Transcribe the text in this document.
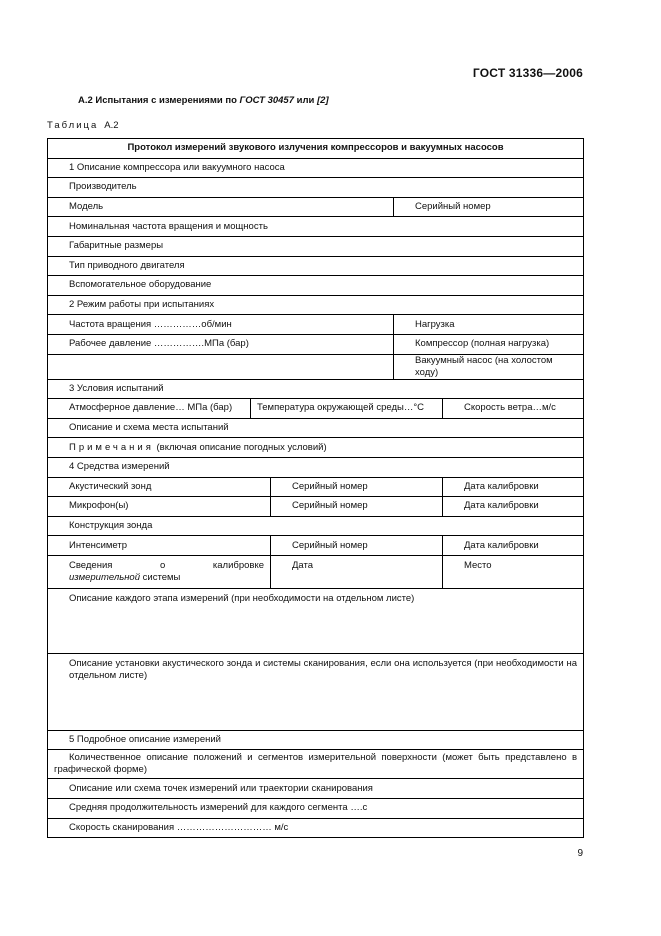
ГОСТ 31336—2006
А.2 Испытания с измерениями по ГОСТ 30457 или [2]
Таблица А.2
Протокол измерений звукового излучения компрессоров и вакуумных насосов				
1 Описание компрессора или вакуумного насоса				
Производитель				
Модель			Серийный номер	
Номинальная частота вращения и мощность				
Габаритные размеры				
Тип приводного двигателя				
Вспомогательное оборудование				
2 Режим работы при испытаниях				
Частота вращения ……………об/мин			Нагрузка	
Рабочее давление …………….МПа (бар)			Компрессор (полная нагрузка)	
			Вакуумный насос (на холостом ходу)	
3 Условия испытаний				
Атмосферное давление… МПа (бар)	Температура окружающей среды…°С			Скорость ветра…м/с
Описание и схема места испытаний				
Примечания (включая описание погодных условий)				
4 Средства измерений				
Акустический зонд		Серийный номер		Дата калибровки
Микрофон(ы)		Серийный номер		Дата калибровки
Конструкция зонда				
Интенсиметр		Серийный номер		Дата калибровки

Сведения о калибровке
измерительной системы		Дата		Место
Описание каждого этапа измерений (при необходимости на отдельном листе)				
Описание установки акустического зонда и системы сканирования, если она используется (при необходимости на отдельном листе)				
5 Подробное описание измерений				
Количественное описание положений и сегментов измерительной поверхности (может быть представлено в графической форме)				
Описание или схема точек измерений или траектории сканирования				
Средняя продолжительность измерений для каждого сегмента ….с				
Скорость сканирования ………………………… м/с				
9
